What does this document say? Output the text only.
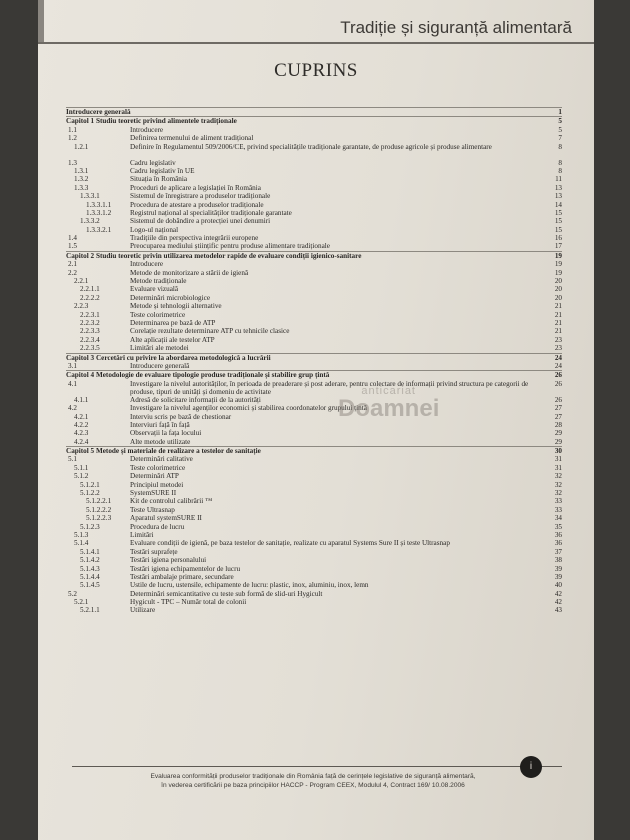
Tradiție și siguranță alimentară
CUPRINS
Introducere generală	1
Capitol 1 Studiu teoretic privind alimentele tradiționale	5
1.1	Introducere	5
1.2	Definirea termenului de aliment tradițional	7
1.2.1	Definire în Regulamentul 509/2006/CE, privind specialitățile tradiționale garantate, de produse agricole și produse alimentare	8
1.3	Cadru legislativ	8
1.3.1	Cadru legislativ în UE	8
1.3.2	Situația în România	11
1.3.3	Proceduri de aplicare a legislației în România	13
1.3.3.1	Sistemul de înregistrare a produselor tradiționale	13
1.3.3.1.1	Procedura de atestare a produselor tradiționale	14
1.3.3.1.2	Registrul național al specialităților tradiționale garantate	15
1.3.3.2	Sistemul de dobândire a protecției unei denumiri	15
1.3.3.2.1	Logo-ul național	15
1.4	Tradițiile din perspectiva integrării europene	16
1.5	Preocuparea mediului științific pentru produse alimentare tradiționale	17
Capitol 2 Studiu teoretic privin utilizarea metodelor rapide de evaluare condiții igienico-sanitare	19
2.1	Introducere	19
2.2	Metode de monitorizare a stării de igienă	19
2.2.1	Metode tradiționale	20
2.2.1.1	Evaluare vizuală	20
2.2.2.2	Determinări microbiologice	20
2.2.3	Metode și tehnologii alternative	21
2.2.3.1	Teste colorimetrice	21
2.2.3.2	Determinarea pe bază de ATP	21
2.2.3.3	Corelație rezultate determinare ATP cu tehnicile clasice	21
2.2.3.4	Alte aplicații ale testelor ATP	23
2.2.3.5	Limitări ale metodei	23
Capitol 3 Cercetări cu privire la abordarea metodologică a lucrării	24
3.1	Introducere generală	24
Capitol 4 Metodologie de evaluare tipologie produse tradiționale și stabilire grup țintă	26
4.1	Investigare la nivelul autorităților, în perioada de preaderare și post aderare, pentru colectare de informații privind structura pe categorii de produse, tipuri de unități și domeniu de activitate
26
4.1.1	Adresă de solicitare informații de la autorități	26
4.2	Investigare la nivelul agenților economici și stabilirea coordonatelor grupului țintă	27
4.2.1	Interviu scris pe bază de chestionar	27
4.2.2	Interviuri față în față	28
4.2.3	Observații la fața locului	29
4.2.4	Alte metode utilizate	29
Capitol 5 Metode și materiale de realizare a testelor de sanitație	30
5.1	Determinări calitative	31
5.1.1	Teste colorimetrice	31
5.1.2	Determinări ATP	32
5.1.2.1	Principiul metodei	32
5.1.2.2	SystemSURE II	32
5.1.2.2.1	Kit de controlul calibrării ™	33
5.1.2.2.2	Teste Ultrasnap	33
5.1.2.2.3	Aparatul systemSURE II	34
5.1.2.3	Procedura de lucru	35
5.1.3	Limitări	36
5.1.4	Evaluare condiții de igienă, pe baza testelor de sanitație, realizate cu aparatul Systems Sure II și teste Ultrasnap	36
5.1.4.1	Testări suprafețe	37
5.1.4.2	Testări igiena personalului	38
5.1.4.3	Testări igiena echipamentelor de lucru	39
5.1.4.4	Testări ambalaje primare, secundare	39
5.1.4.5	Ustile de lucru, ustensile, echipamente de lucru: plastic, inox, aluminiu, inox, lemn	40
5.2	Determinări semicantitative cu teste sub formă de slid-uri Hygicult	42
5.2.1	Hygicult - TPC – Număr total de colonii	42
5.2.1.1	Utilizare	43
anticariat
Doamnei
i
Evaluarea conformității produselor tradiționale din România față de cerințele legislative de siguranță alimentară,
în vederea certificării pe baza principiilor HACCP - Program CEEX, Modulul 4, Contract 169/ 10.08.2006
